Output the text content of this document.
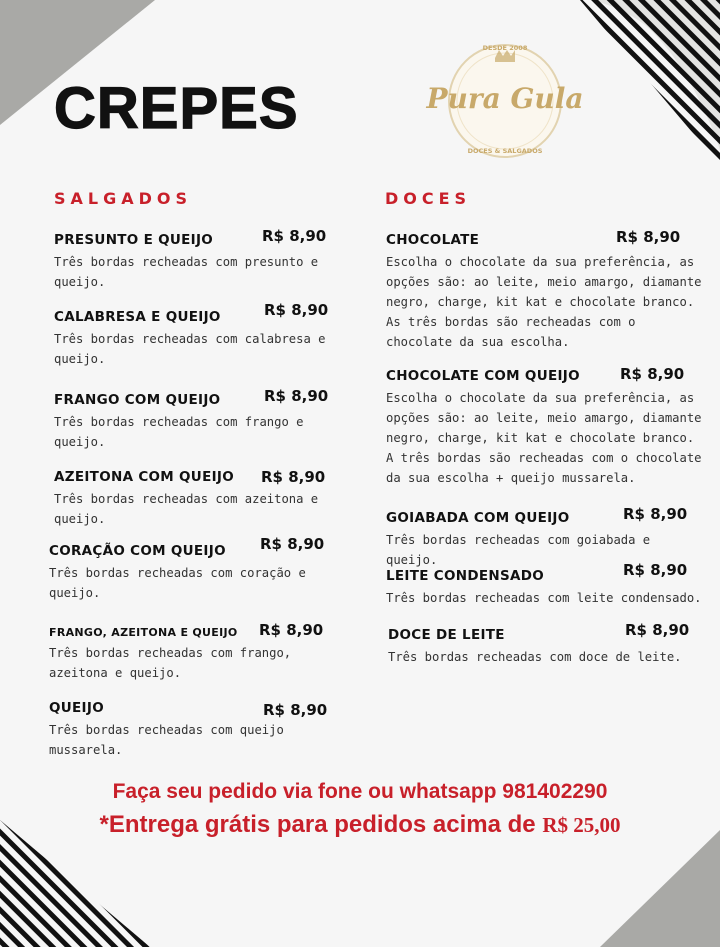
CREPES
DESDE 2008
Pura Gula
DOCES & SALGADOS
SALGADOS	DOCES
PRESUNTO E QUEIJO	R$ 8,90
Três bordas recheadas com presunto e queijo.
CALABRESA E QUEIJO	R$ 8,90
Três bordas recheadas com calabresa e queijo.
FRANGO COM QUEIJO	R$ 8,90
Três bordas recheadas com frango e queijo.
AZEITONA COM QUEIJO	R$ 8,90
Três bordas recheadas com azeitona e queijo.
CORAÇÃO COM QUEIJO	R$ 8,90
Três bordas recheadas com coração e queijo.
FRANGO, AZEITONA E QUEIJO	R$ 8,90
Três bordas recheadas com frango, azeitona e queijo.
QUEIJO	R$ 8,90
Três bordas recheadas com queijo mussarela.
CHOCOLATE	R$ 8,90
Escolha o chocolate da sua preferência, as opções são: ao leite, meio amargo, diamante negro, charge, kit kat e chocolate branco. As três bordas são recheadas com o chocolate da sua escolha.
CHOCOLATE COM QUEIJO	R$ 8,90
Escolha o chocolate da sua preferência, as opções são: ao leite, meio amargo, diamante negro, charge, kit kat e chocolate branco. A três bordas são recheadas com o chocolate da sua escolha + queijo mussarela.
GOIABADA COM QUEIJO	R$ 8,90
Três bordas recheadas com goiabada e queijo.
LEITE CONDENSADO	R$ 8,90
Três bordas recheadas com leite condensado.
DOCE DE LEITE	R$ 8,90
Três bordas recheadas com doce de leite.
Faça seu pedido via fone ou whatsapp 981402290
*Entrega grátis para pedidos acima de R$ 25,00
